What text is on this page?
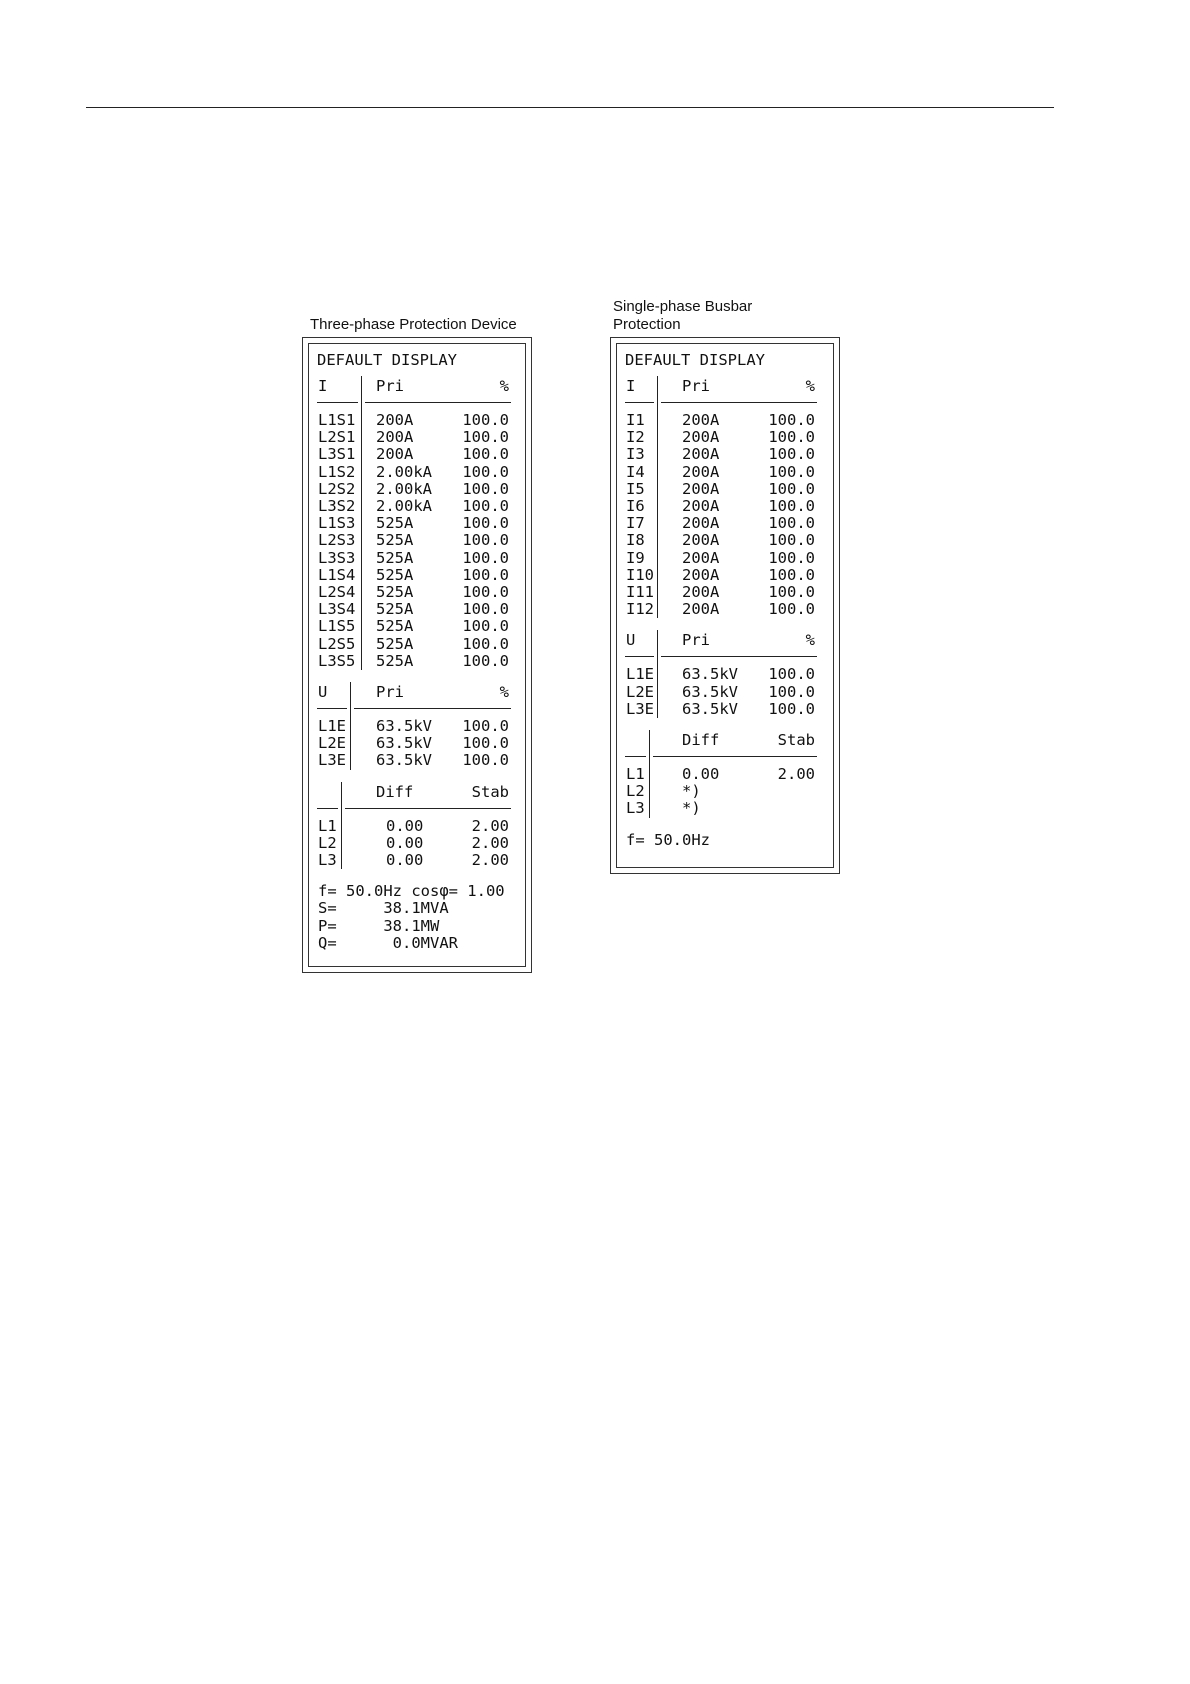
Three-phase Protection Device
DEFAULT DISPLAY
I	Pri	%
L1S1 200A	100.0
L2S1 200A	100.0
L3S1 200A	100.0
L1S2 2.00kA	100.0
L2S2 2.00kA	100.0
L3S2 2.00kA	100.0
L1S3 525A	100.0
L2S3 525A	100.0
L3S3 525A	100.0
L1S4 525A	100.0
L2S4 525A	100.0
L3S4 525A	100.0
L1S5 525A	100.0
L2S5 525A	100.0
L3S5 525A	100.0
U	Pri	%
L1E 63.5kV	100.0
L2E 63.5kV	100.0
L3E 63.5kV	100.0
Diff	Stab
L1	0.00	2.00
L2	0.00	2.00
L3	0.00	2.00
f= 50.0Hz cosφ= 1.00
S=     38.1MVA
P=     38.1MW
Q=      0.0MVAR
Single-phase Busbar
Protection
DEFAULT DISPLAY
I	Pri	%
I1 200A	100.0
I2 200A	100.0
I3 200A	100.0
I4 200A	100.0
I5 200A	100.0
I6 200A	100.0
I7 200A	100.0
I8 200A	100.0
I9 200A	100.0
I10 200A	100.0
I11 200A	100.0
I12 200A	100.0
U	Pri	%
L1E 63.5kV	100.0
L2E 63.5kV	100.0
L3E 63.5kV	100.0
Diff	Stab
L1 0.00	2.00
L2 *)
L3 *)
f= 50.0Hz
